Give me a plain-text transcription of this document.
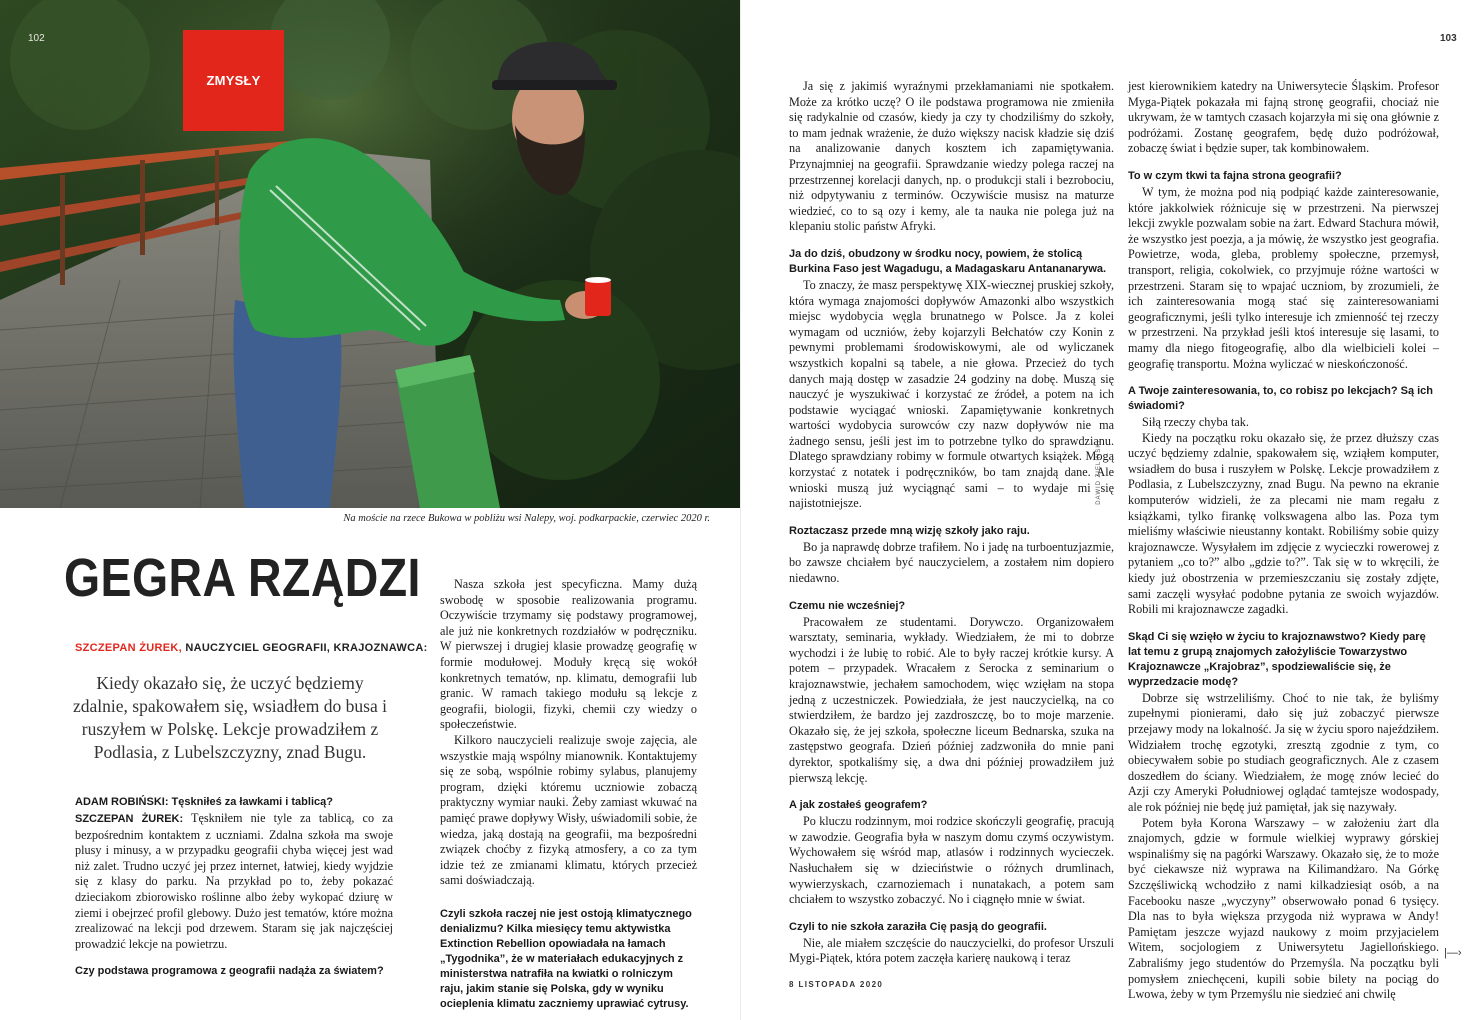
102
ZMYSŁY
Na moście na rzece Bukowa w pobliżu wsi Nalepy, woj. podkarpackie, czerwiec 2020 r.
GEGRA RZĄDZI
SZCZEPAN ŻUREK, NAUCZYCIEL GEOGRAFII, KRAJOZNAWCA:
Kiedy okazało się, że uczyć będziemy zdalnie, spakowałem się, wsiadłem do busa i ruszyłem w Polskę. Lekcje prowadziłem z Podlasia, z Lubelszczyzny, znad Bugu.
ADAM ROBIŃSKI: Tęskniłeś za ławkami i tablicą?

SZCZEPAN ŻUREK: Tęskniłem nie tyle za tablicą, co za bezpośrednim kontaktem z uczniami. Zdalna szkoła ma swoje plusy i minusy, a w przypadku geografii chyba więcej jest wad niż zalet. Trudno uczyć jej przez internet, łatwiej, kiedy wyjdzie się z klasy do parku. Na przykład po to, żeby pokazać dzieciakom zbiorowisko roślinne albo żeby wykopać dziurę w ziemi i obejrzeć profil glebowy. Dużo jest tematów, które można zrealizować na lekcji pod drzewem. Staram się jak najczęściej prowadzić lekcje na powietrzu.

Czy podstawa programowa z geografii nadąża za światem?

Nasza szkoła jest specyficzna. Mamy dużą swobodę w sposobie realizowania programu. Oczywiście trzymamy się podstawy programowej, ale już nie konkretnych rozdziałów w podręczniku. W pierwszej i drugiej klasie prowadzę geografię w formie modułowej. Moduły kręcą się wokół konkretnych tematów, np. klimatu, demografii lub granic. W ramach takiego modułu są lekcje z geografii, biologii, fizyki, chemii czy wiedzy o społeczeństwie.

Kilkoro nauczycieli realizuje swoje zajęcia, ale wszystkie mają wspólny mianownik. Kontaktujemy się ze sobą, wspólnie robimy sylabus, planujemy program, dzięki któremu uczniowie zobaczą praktyczny wymiar nauki. Żeby zamiast wkuwać na pamięć prawe dopływy Wisły, uświadomili sobie, że wiedza, jaką dostają na geografii, ma bezpośredni związek choćby z fizyką atmosfery, a co za tym idzie też ze zmianami klimatu, których przecież sami doświadczają.

Czyli szkoła raczej nie jest ostoją klimatycznego denializmu? Kilka miesięcy temu aktywistka Extinction Rebellion opowiadała na łamach „Tygodnika”, że w materiałach edukacyjnych z ministerstwa natrafiła na kwiatki o rolniczym raju, jakim stanie się Polska, gdy w wyniku ocieplenia klimatu zaczniemy uprawiać cytrusy.
103

Ja się z jakimiś wyraźnymi przekłamaniami nie spotkałem. Może za krótko uczę? O ile podstawa programowa nie zmieniła się radykalnie od czasów, kiedy ja czy ty chodziliśmy do szkoły, to mam jednak wrażenie, że dużo większy nacisk kładzie się dziś na analizowanie danych kosztem ich zapamiętywania. Przynajmniej na geografii. Sprawdzanie wiedzy polega raczej na przestrzennej korelacji danych, np. o produkcji stali i bezrobociu, niż odpytywaniu z terminów. Oczywiście musisz na maturze wiedzieć, co to są ozy i kemy, ale ta nauka nie polega już na klepaniu stolic państw Afryki.

Ja do dziś, obudzony w środku nocy, powiem, że stolicą Burkina Faso jest Wagadugu, a Madagaskaru Antananarywa.

To znaczy, że masz perspektywę XIX-wiecznej pruskiej szkoły, która wymaga znajomości dopływów Amazonki albo wszystkich miejsc wydobycia węgla brunatnego w Polsce. Ja z kolei wymagam od uczniów, żeby kojarzyli Bełchatów czy Konin z pewnymi problemami środowiskowymi, ale od wyliczanek wszystkich kopalni są tabele, a nie głowa. Przecież do tych danych mają dostęp w zasadzie 24 godziny na dobę. Muszą się nauczyć je wyszukiwać i korzystać ze źródeł, a potem na ich podstawie wyciągać wnioski. Zapamiętywanie konkretnych wartości wydobycia surowców czy nazw dopływów nie ma żadnego sensu, jeśli jest im to potrzebne tylko do sprawdzianu. Dlatego sprawdziany robimy w formule otwartych książek. Mogą korzystać z notatek i podręczników, bo tam znajdą dane. Ale wnioski muszą już wyciągnąć sami – to wydaje mi się najistotniejsze.

Roztaczasz przede mną wizję szkoły jako raju.

Bo ja naprawdę dobrze trafiłem. No i jadę na turboentuzjazmie, bo zawsze chciałem być nauczycielem, a zostałem nim dopiero niedawno.

Czemu nie wcześniej?

Pracowałem ze studentami. Dorywczo. Organizowałem warsztaty, seminaria, wykłady. Wiedziałem, że mi to dobrze wychodzi i że lubię to robić. Ale to były raczej krótkie kursy. A potem – przypadek. Wracałem z Serocka z seminarium o krajoznawstwie, jechałem samochodem, więc wzięłam na stopa jedną z uczestniczek. Powiedziała, że jest nauczycielką, na co stwierdziłem, że bardzo jej zazdroszczę, bo to moje marzenie. Okazało się, że jej szkoła, społeczne liceum Bednarska, szuka na zastępstwo geografa. Dzień później zadzwoniła do mnie pani dyrektor, spotkaliśmy się, a dwa dni później prowadziłem już pierwszą lekcję.

A jak zostałeś geografem?

Po kluczu rodzinnym, moi rodzice skończyli geografię, pracują w zawodzie. Geografia była w naszym domu czymś oczywistym. Wychowałem się wśród map, atlasów i rodzinnych wycieczek. Nasłuchałem się w dzieciństwie o różnych drumlinach, wywierzyskach, czarnoziemach i nunatakach, a potem sam chciałem to wszystko zobaczyć. No i ciągnęło mnie w świat.

Czyli to nie szkoła zaraziła Cię pasją do geografii.

Nie, ale miałem szczęście do nauczycielki, do profesor Urszuli Mygi-Piątek, która potem zaczęła karierę naukową i teraz

DAWID ZIELIŃSKI

jest kierownikiem katedry na Uniwersytecie Śląskim. Profesor Myga-Piątek pokazała mi fajną stronę geografii, chociaż nie ukrywam, że w tamtych czasach kojarzyła mi się ona głównie z podróżami. Zostanę geografem, będę dużo podróżował, zobaczę świat i będzie super, tak kombinowałem.

To w czym tkwi ta fajna strona geografii?

W tym, że można pod nią podpiąć każde zainteresowanie, które jakkolwiek różnicuje się w przestrzeni. Na pierwszej lekcji zwykle pozwalam sobie na żart. Edward Stachura mówił, że wszystko jest poezja, a ja mówię, że wszystko jest geografia. Powietrze, woda, gleba, problemy społeczne, przemysł, transport, religia, cokolwiek, co przyjmuje różne wartości w przestrzeni. Staram się to wpajać uczniom, by zrozumieli, że ich zainteresowania mogą stać się zainteresowaniami geograficznymi, jeśli tylko interesuje ich zmienność tej rzeczy w przestrzeni. Na przykład jeśli ktoś interesuje się lasami, to mamy dla niego fitogeografię, albo dla wielbicieli kolei – geografię transportu. Można wyliczać w nieskończoność.

A Twoje zainteresowania, to, co robisz po lekcjach? Są ich świadomi?

Siłą rzeczy chyba tak.

Kiedy na początku roku okazało się, że przez dłuższy czas uczyć będziemy zdalnie, spakowałem się, wziąłem komputer, wsiadłem do busa i ruszyłem w Polskę. Lekcje prowadziłem z Podlasia, z Lubelszczyzny, znad Bugu. Na pewno na ekranie komputerów widzieli, że za plecami nie mam regału z książkami, tylko firankę volkswagena albo las. Poza tym mieliśmy właściwie nieustanny kontakt. Robiliśmy sobie quizy krajoznawcze. Wysyłałem im zdjęcie z wycieczki rowerowej z pytaniem „co to?” albo „gdzie to?”. Tak się w to wkręcili, że kiedy już obostrzenia w przemieszczaniu się zostały zdjęte, sami zaczęli wysyłać podobne pytania ze swoich wyjazdów. Robili mi krajoznawcze zagadki.

Skąd Ci się wzięło w życiu to krajoznawstwo? Kiedy parę lat temu z grupą znajomych założyliście Towarzystwo Krajoznawcze „Krajobraz”, spodziewaliście się, że wyprzedzacie modę?

Dobrze się wstrzeliliśmy. Choć to nie tak, że byliśmy zupełnymi pionierami, dało się już zobaczyć pierwsze przejawy mody na lokalność. Ja się w życiu sporo najeździłem. Widziałem trochę egzotyki, zresztą zgodnie z tym, co obiecywałem sobie po studiach geograficznych. Ale z czasem doszedłem do ściany. Wiedziałem, że mogę znów lecieć do Azji czy Ameryki Południowej oglądać tamtejsze wodospady, ale rok później nie będę już pamiętał, jak się nazywały.

Potem była Korona Warszawy – w założeniu żart dla znajomych, gdzie w formule wielkiej wyprawy górskiej wspinaliśmy się na pagórki Warszawy. Okazało się, że to może być ciekawsze niż wyprawa na Kilimandżaro. Na Górkę Szczęśliwicką wchodziło z nami kilkadziesiąt osób, a na Facebooku nasze „wyczyny” obserwowało ponad 6 tysięcy. Dla nas to była większa przygoda niż wyprawa w Andy! Pamiętam jeszcze wyjazd naukowy z moim przyjacielem Witem, socjologiem z Uniwersytetu Jagiellońskiego. Zabraliśmy jego studentów do Przemyśla. Na początku byli pomysłem zniechęceni, kupili sobie bilety na pociąg do Lwowa, żeby w tym Przemyślu nie siedzieć ani chwilę

|—›
8 LISTOPADA 2020
